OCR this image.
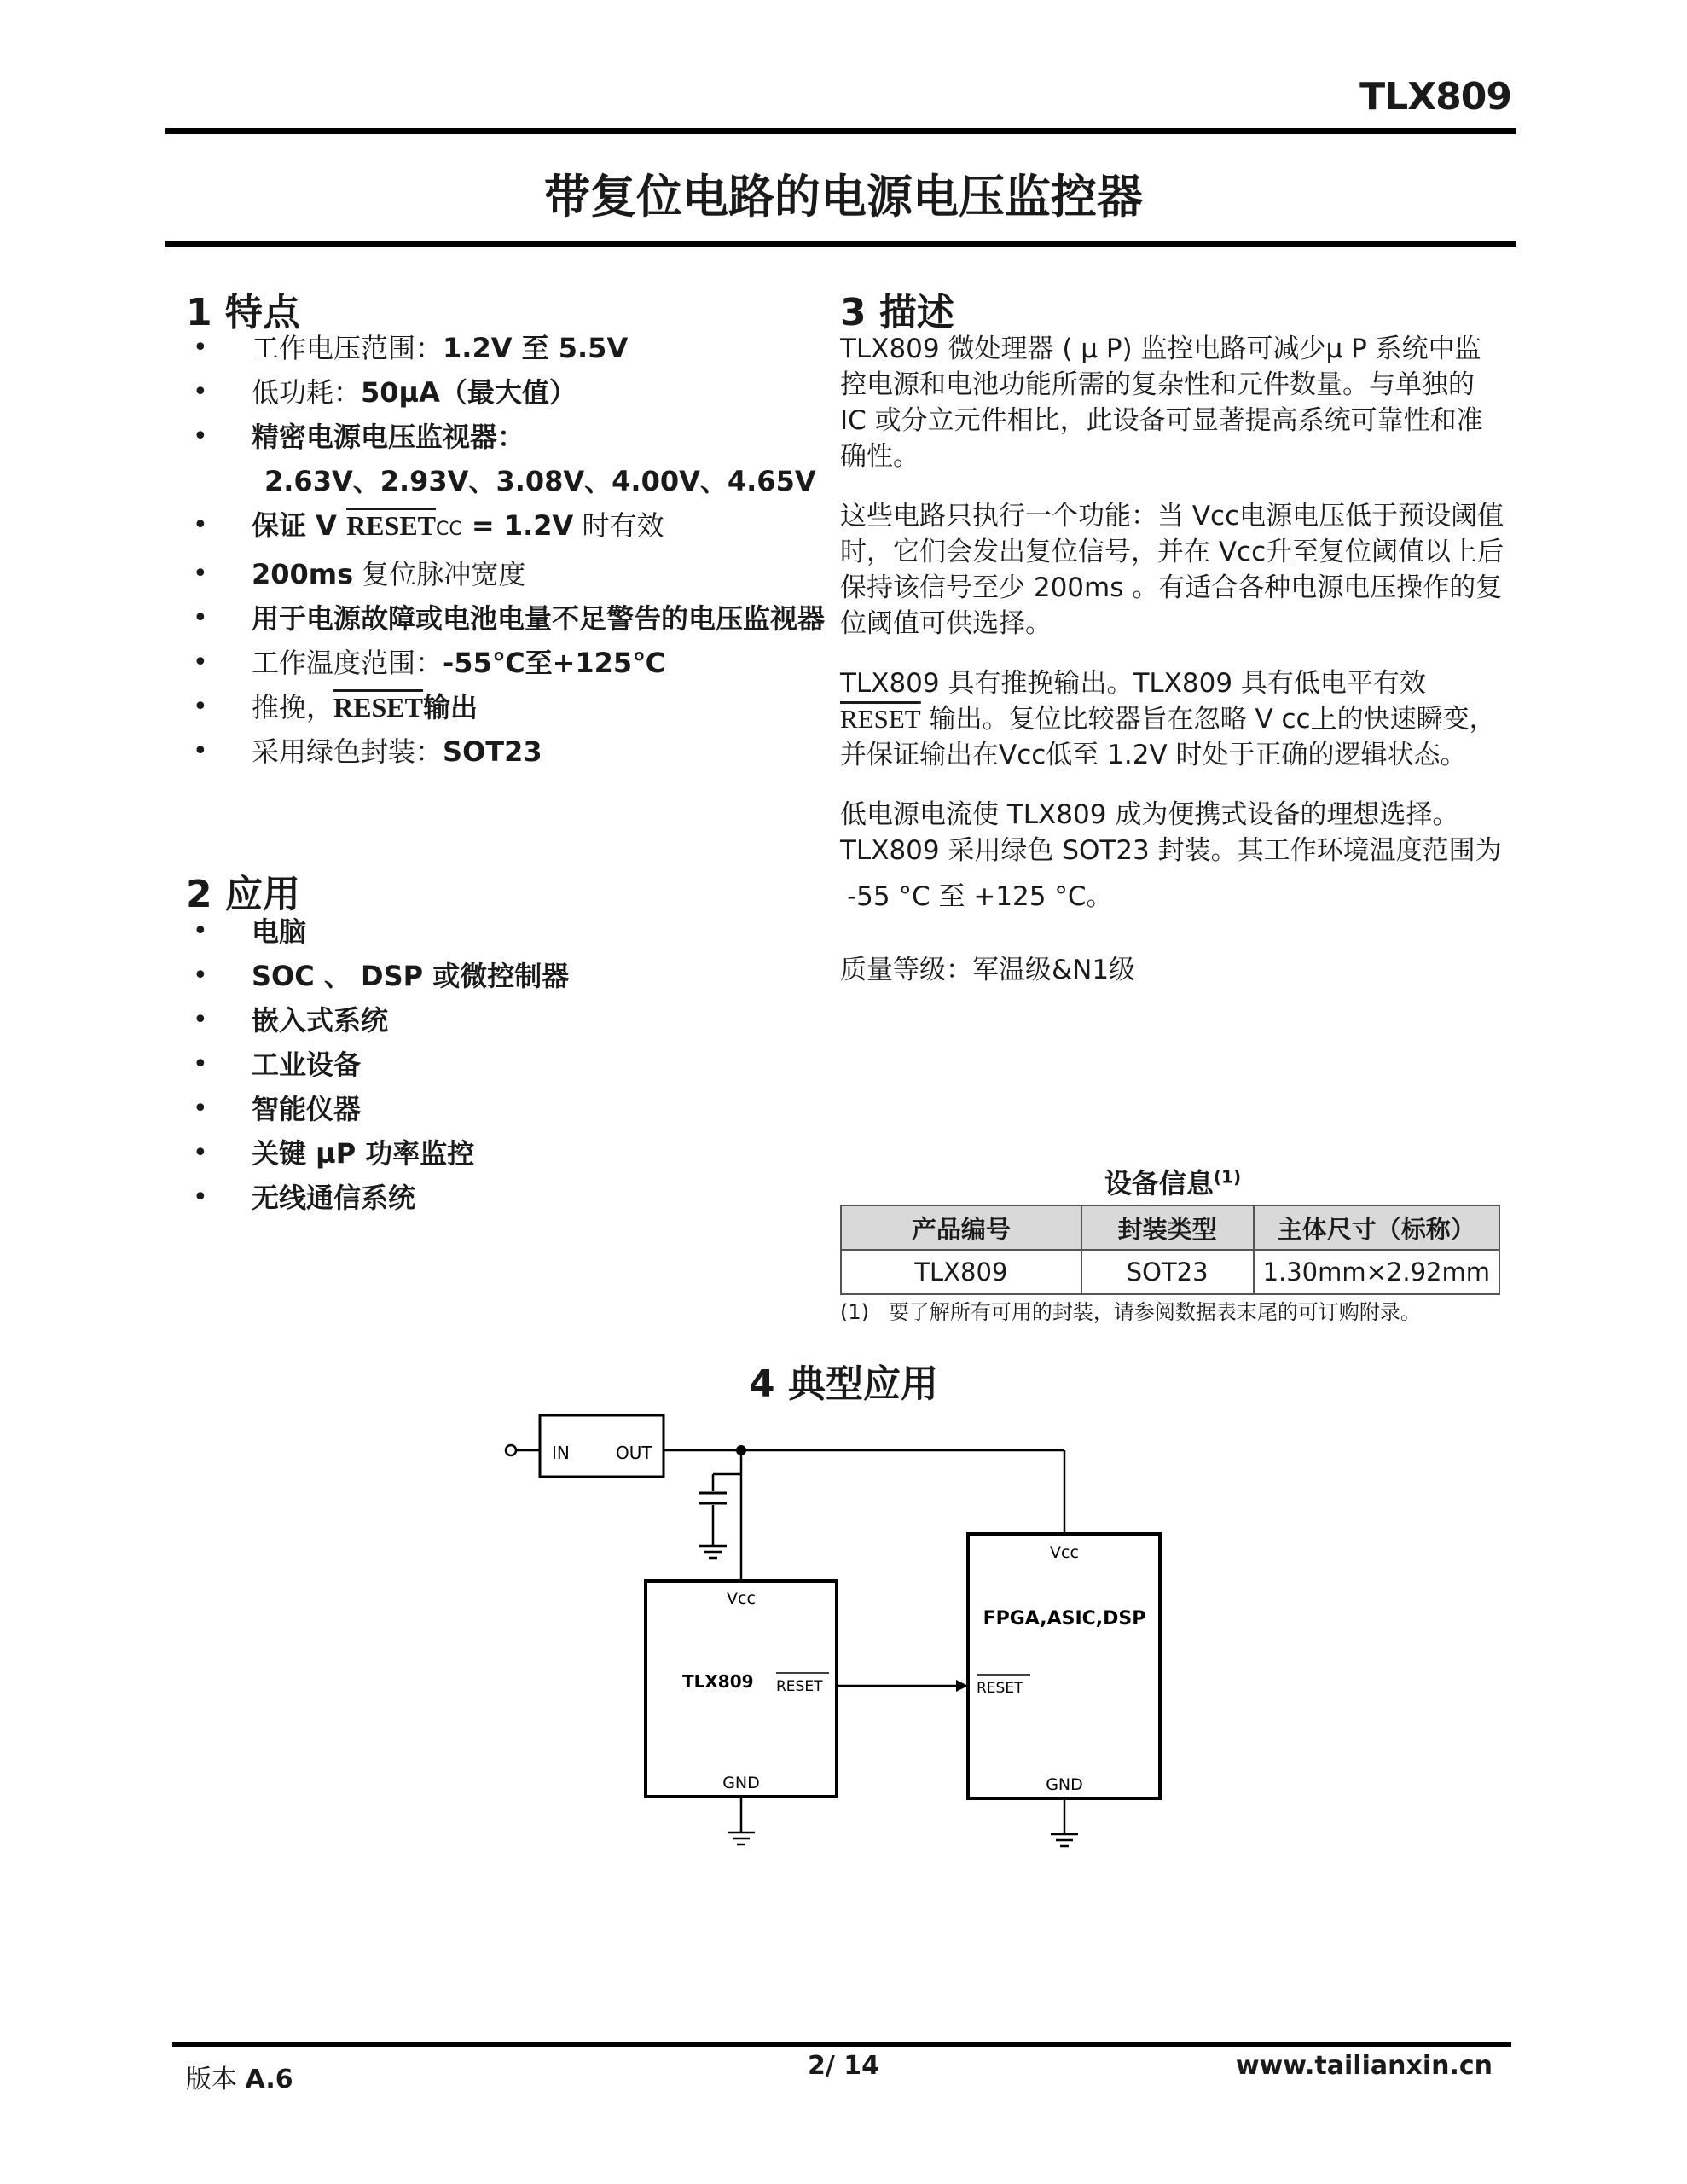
TLX809
带复位电路的电源电压监控器
1 特点
• 工作电压范围：1.2V 至 5.5V
• 低功耗：50µA（最大值）
• 精密电源电压监视器：
2.63V、2.93V、3.08V、4.00V、4.65V
• 保证 V RESETCC = 1.2V 时有效
• 200ms 复位脉冲宽度
• 用于电源故障或电池电量不足警告的电压监视器
• 工作温度范围：-55℃至+125℃
• 推挽，RESET输出
• 采用绿色封装：SOT23
2 应用
• 电脑
• SOC 、 DSP 或微控制器
• 嵌入式系统
• 工业设备
• 智能仪器
• 关键 µP 功率监控
• 无线通信系统
3 描述

TLX809 微处理器 ( µ P) 监控电路可减少µ P 系统中监控电源和电池功能所需的复杂性和元件数量。与单独的 IC 或分立元件相比，此设备可显著提高系统可靠性和准确性。

这些电路只执行一个功能：当 Vcc电源电压低于预设阈值时，它们会发出复位信号，并在 Vcc升至复位阈值以上后保持该信号至少 200ms 。有适合各种电源电压操作的复位阈值可供选择。

TLX809 具有推挽输出。TLX809 具有低电平有效RESET 输出。复位比较器旨在忽略 V cc上的快速瞬变，并保证输出在Vcc低至 1.2V 时处于正确的逻辑状态。

低电源电流使 TLX809 成为便携式设备的理想选择。TLX809 采用绿色 SOT23 封装。其工作环境温度范围为

-55 °C 至 +125 °C。

质量等级：军温级&N1级

设备信息$^{(1)}$
产品编号	封装类型	主体尺寸（标称）
TLX809	SOT23	1.30mm×2.92mm
(1) 要了解所有可用的封装，请参阅数据表末尾的可订购附录。
4 典型应用
IN	OUT
Vcc
TLX809 RESET
GND
Vcc
FPGA,ASIC,DSP
RESET
GND
版本 A.6	2/ 14	www.tailianxin.cn
